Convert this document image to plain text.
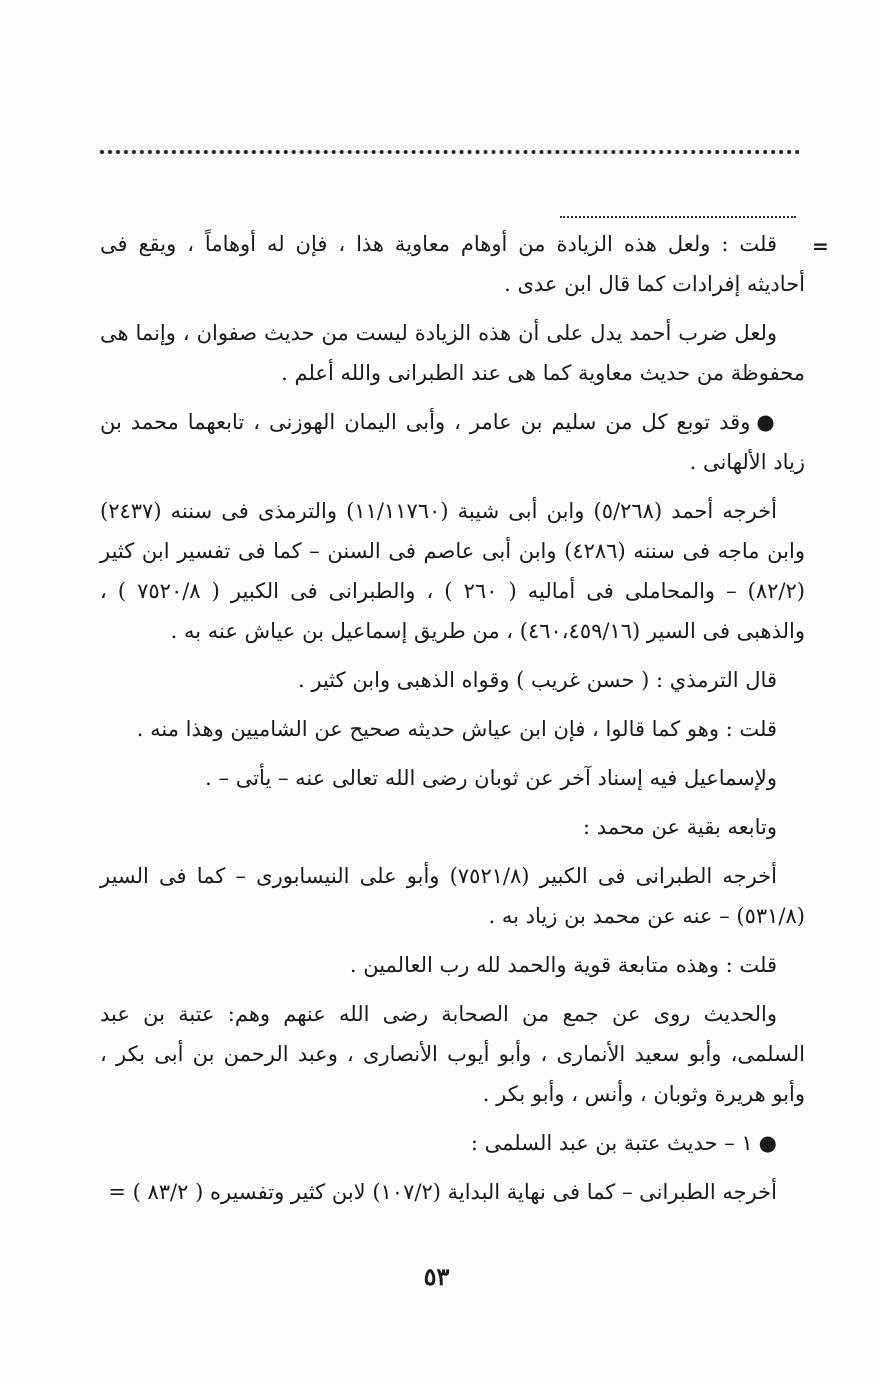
=

قلت : ولعل هذه الزيادة من أوهام معاوية هذا ، فإن له أوهاماً ، ويقع فى أحاديثه إفرادات كما قال ابن عدى .

ولعل ضرب أحمد يدل على أن هذه الزيادة ليست من حديث صفوان ، وإنما هى محفوظة من حديث معاوية كما هى عند الطبرانى والله أعلم .

●وقد توبع كل من سليم بن عامر ، وأبى اليمان الهوزنى ، تابعهما محمد بن زياد الألهانى .

أخرجه أحمد (٥/٢٦٨) وابن أبى شيبة (١١/١١٧٦٠) والترمذى فى سننه (٢٤٣٧) وابن ماجه فى سننه (٤٢٨٦) وابن أبى عاصم فى السنن – كما فى تفسير ابن كثير (٨٢/٢) – والمحاملى فى أماليه ( ٢٦٠ ) ، والطبرانى فى الكبير ( ٧٥٢٠/٨ ) ، والذهبى فى السير (٤٦٠،٤٥٩/١٦) ، من طريق إسماعيل بن عياش عنه به .

قال الترمذي : ( حسن غريب ) وقواه الذهبى وابن كثير .

قلت : وهو كما قالوا ، فإن ابن عياش حديثه صحيح عن الشاميين وهذا منه .

ولإسماعيل فيه إسناد آخر عن ثوبان رضى الله تعالى عنه – يأتى – .

وتابعه بقية عن محمد :

أخرجه الطبرانى فى الكبير (٧٥٢١/٨) وأبو على النيسابورى – كما فى السير (٥٣١/٨) – عنه عن محمد بن زياد به .

قلت : وهذه متابعة قوية والحمد لله رب العالمين .

والحديث روى عن جمع من الصحابة رضى الله عنهم وهم: عتبة بن عبد السلمى، وأبو سعيد الأنمارى ، وأبو أيوب الأنصارى ، وعبد الرحمن بن أبى بكر ، وأبو هريرة وثوبان ، وأنس ، وأبو بكر .

●١ – حديث عتبة بن عبد السلمى :

أخرجه الطبرانى – كما فى نهاية البداية (١٠٧/٢) لابن كثير وتفسيره ( ٨٣/٢ ) =

٥٣
